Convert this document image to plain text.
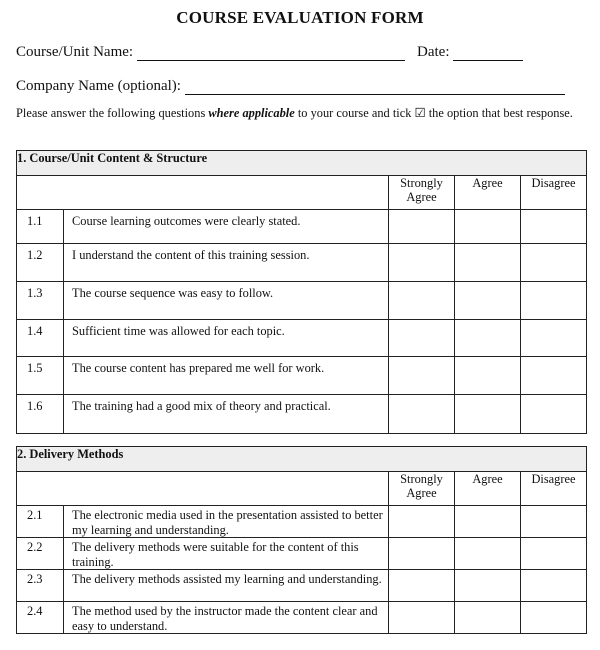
COURSE EVALUATION FORM
Course/Unit Name:	Date:
Company Name (optional):
Please answer the following questions where applicable to your course and tick ☑ the option that best response.
1. Course/Unit Content & Structure				
		Strongly Agree	Agree	Disagree
1.1	Course learning outcomes were clearly stated.			
1.2	I understand the content of this training session.			
1.3	The course sequence was easy to follow.			
1.4	Sufficient time was allowed for each topic.			
1.5	The course content has prepared me well for work.			
1.6	The training had a good mix of theory and practical.			
2. Delivery Methods				
		Strongly Agree	Agree	Disagree
2.1	The electronic media used in the presentation assisted to better my learning and understanding.			
2.2	The delivery methods were suitable for the content of this training.			
2.3	The delivery methods assisted my learning and understanding.			
2.4	The method used by the instructor made the content clear and easy to understand.			
